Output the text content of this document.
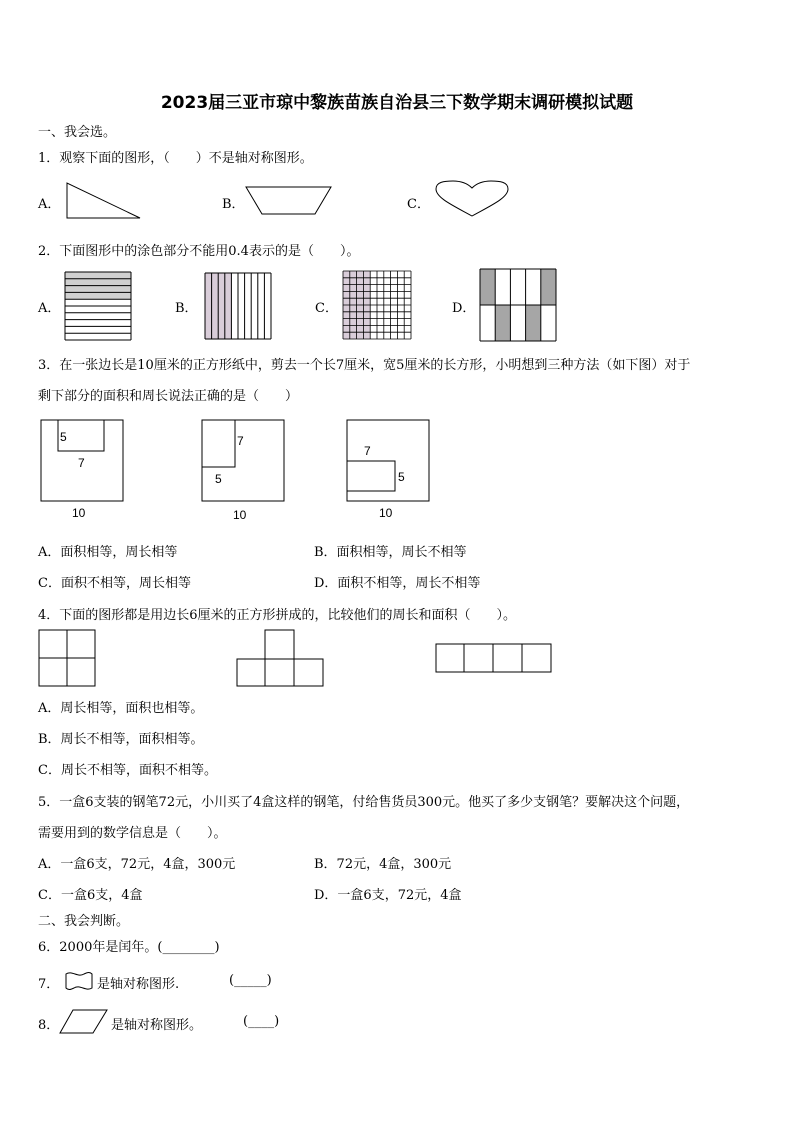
2023届三亚市琼中黎族苗族自治县三下数学期末调研模拟试题
一、我会选。
1．观察下面的图形，（　　）不是轴对称图形。
A．	B．	C．
2．下面图形中的涂色部分不能用0.4表示的是（　　）。
A．	B．	C．	D．
3．在一张边长是10厘米的正方形纸中，剪去一个长7厘米，宽5厘米的长方形，小明想到三种方法（如下图）对于
剩下部分的面积和周长说法正确的是（　　）
5
7
10
7
5
10
7
5
10
A．面积相等，周长相等	B．面积相等，周长不相等
C．面积不相等，周长相等	D．面积不相等，周长不相等
4．下面的图形都是用边长6厘米的正方形拼成的，比较他们的周长和面积（　　）。
A．周长相等，面积也相等。
B．周长不相等，面积相等。
C．周长不相等，面积不相等。
5．一盒6支装的钢笔72元，小川买了4盒这样的钢笔，付给售货员300元。他买了多少支钢笔？要解决这个问题，
需要用到的数学信息是（　　）。
A．一盒6支，72元，4盒，300元	B．72元，4盒，300元
C．一盒6支，4盒	D．一盒6支，72元，4盒
二、我会判断。
6．2000年是闰年。(________)
7．	是轴对称图形.	(_____)
8．	是轴对称图形。	(____)
